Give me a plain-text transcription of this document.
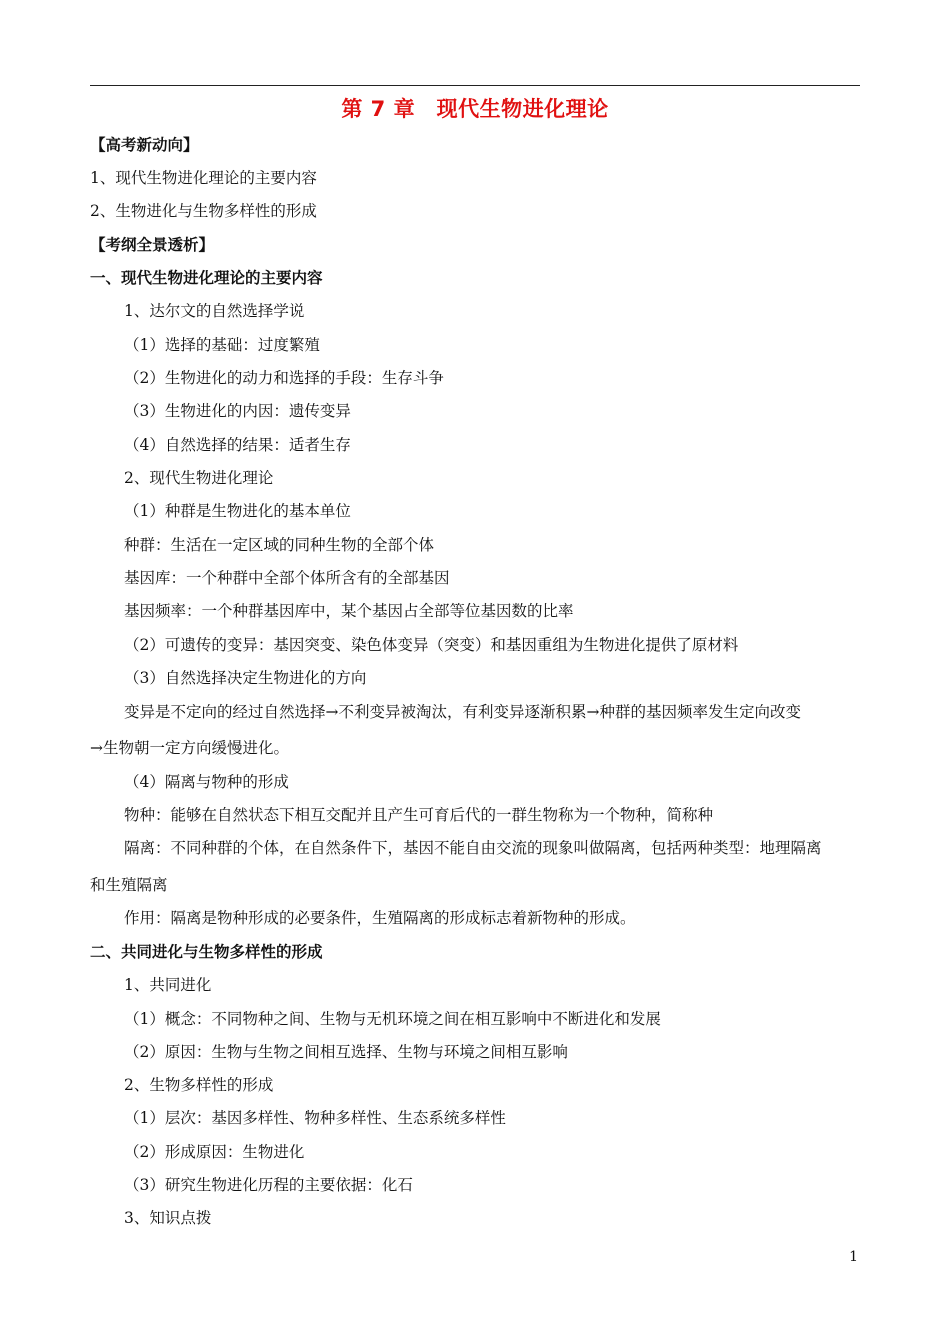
第 7 章　现代生物进化理论
【高考新动向】
1、现代生物进化理论的主要内容
2、生物进化与生物多样性的形成
【考纲全景透析】
一、现代生物进化理论的主要内容
1、达尔文的自然选择学说
（1）选择的基础：过度繁殖
（2）生物进化的动力和选择的手段：生存斗争
（3）生物进化的内因：遗传变异
（4）自然选择的结果：适者生存
2、现代生物进化理论
（1）种群是生物进化的基本单位
种群：生活在一定区域的同种生物的全部个体
基因库：一个种群中全部个体所含有的全部基因
基因频率：一个种群基因库中，某个基因占全部等位基因数的比率
（2）可遗传的变异：基因突变、染色体变异（突变）和基因重组为生物进化提供了原材料
（3）自然选择决定生物进化的方向
变异是不定向的经过自然选择→不利变异被淘汰，有利变异逐渐积累→种群的基因频率发生定向改变
→生物朝一定方向缓慢进化。
（4）隔离与物种的形成
物种：能够在自然状态下相互交配并且产生可育后代的一群生物称为一个物种，简称种
隔离：不同种群的个体，在自然条件下，基因不能自由交流的现象叫做隔离，包括两种类型：地理隔离
和生殖隔离
作用：隔离是物种形成的必要条件，生殖隔离的形成标志着新物种的形成。
二、共同进化与生物多样性的形成
1、共同进化
（1）概念：不同物种之间、生物与无机环境之间在相互影响中不断进化和发展
（2）原因：生物与生物之间相互选择、生物与环境之间相互影响
2、生物多样性的形成
（1）层次：基因多样性、物种多样性、生态系统多样性
（2）形成原因：生物进化
（3）研究生物进化历程的主要依据：化石
3、知识点拨
1
